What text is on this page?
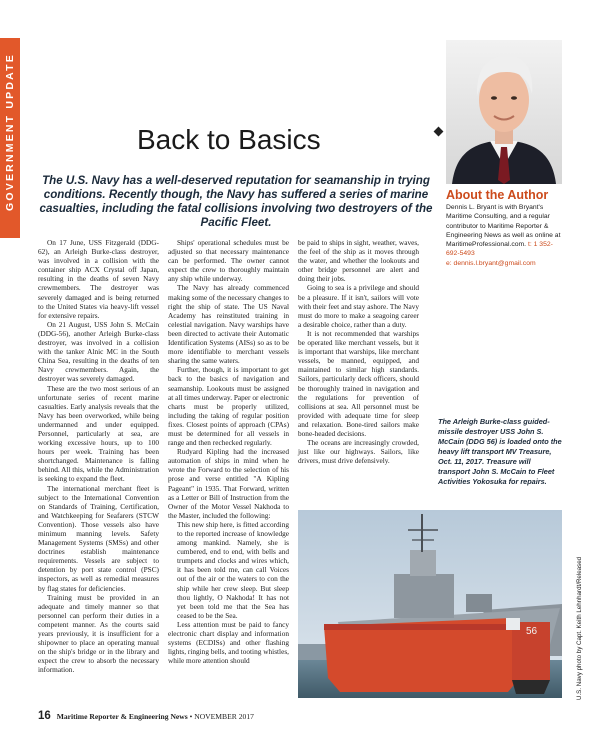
GOVERNMENT UPDATE	Back to Basics
The U.S. Navy has a well-deserved reputation for seamanship in trying conditions. Recently though, the Navy has suffered a series of marine casualties, including the fatal collisions involving two destroyers of the Pacific Fleet.
About the Author
Dennis L. Bryant is with Bryant's Maritime Consulting, and a regular contributor to Maritime Reporter & Engineering News as well as online at MaritimeProfessional.com. t: 1 352-692-5493
e: dennis.l.bryant@gmail.com

On 17 June, USS Fitzgerald (DDG-62), an Arleigh Burke-class destroyer, was involved in a collision with the container ship ACX Crystal off Japan, resulting in the deaths of seven Navy crewmembers. The destroyer was severely damaged and is being returned to the United States via heavy-lift vessel for extensive repairs.

On 21 August, USS John S. McCain (DDG-56), another Arleigh Burke-class destroyer, was involved in a collision with the tanker Alnic MC in the South China Sea, resulting in the deaths of ten Navy crewmembers. Again, the destroyer was severely damaged.

These are the two most serious of an unfortunate series of recent marine casualties. Early analysis reveals that the Navy has been overworked, while being undermanned and under equipped. Personnel, particularly at sea, are working excessive hours, up to 100 hours per week. Training has been shortchanged. Maintenance is falling behind. All this, while the Administration is seeking to expand the fleet.

The international merchant fleet is subject to the International Convention on Standards of Training, Certification, and Watchkeeping for Seafarers (STCW Convention). Those vessels also have minimum manning levels. Safety Management Systems (SMSs) and other doctrines establish maintenance requirements. Vessels are subject to detention by port state control (PSC) inspectors, as well as remedial measures by flag states for deficiencies.

Training must be provided in an adequate and timely manner so that personnel can perform their duties in a competent manner. As the courts said years previously, it is insufficient for a shipowner to place an operating manual on the ship's bridge or in the library and expect the crew to absorb the necessary information.

Ships' operational schedules must be adjusted so that necessary maintenance can be performed. The owner cannot expect the crew to thoroughly maintain any ship while underway.

The Navy has already commenced making some of the necessary changes to right the ship of state. The US Naval Academy has reinstituted training in celestial navigation. Navy warships have been directed to activate their Automatic Identification Systems (AISs) so as to be more identifiable to merchant vessels sharing the same waters.

Further, though, it is important to get back to the basics of navigation and seamanship. Lookouts must be assigned at all times underway. Paper or electronic charts must be properly utilized, including the taking of regular position fixes. Closest points of approach (CPAs) must be determined for all vessels in range and then rechecked regularly.

Rudyard Kipling had the increased automation of ships in mind when he wrote the Forward to the selection of his prose and verse entitled "A Kipling Pageant" in 1935. That Forward, written as a Letter or Bill of Instruction from the Owner of the Motor Vessel Nakhoda to the Master, included the following:

This new ship here, is fitted according to the reported increase of knowledge among mankind. Namely, she is cumbered, end to end, with bells and trumpets and clocks and wires which, it has been told me, can call Voices out of the air or the waters to con the ship while her crew sleep. But sleep thou lightly, O Nakhoda! It has not yet been told me that the Sea has ceased to be the Sea.

Less attention must be paid to fancy electronic chart display and information systems (ECDISs) and other flashing lights, ringing bells, and tooting whistles, while more attention should

be paid to ships in sight, weather, waves, the feel of the ship as it moves through the water, and whether the lookouts and other bridge personnel are alert and doing their jobs.

Going to sea is a privilege and should be a pleasure. If it isn't, sailors will vote with their feet and stay ashore. The Navy must do more to make a seagoing career a desirable choice, rather than a duty.

It is not recommended that warships be operated like merchant vessels, but it is important that warships, like merchant vessels, be manned, equipped, and maintained to similar high standards. Sailors, particularly deck officers, should be thoroughly trained in navigation and the regulations for prevention of collisions at sea. All personnel must be provided with adequate time for sleep and relaxation. Bone-tired sailors make bone-headed decisions.

The oceans are increasingly crowded, just like our highways. Sailors, like drivers, must drive defensively.

The Arleigh Burke-class guided-missile destroyer USS John S. McCain (DDG 56) is loaded onto the heavy lift transport MV Treasure, Oct. 11, 2017. Treasure will transport John S. McCain to Fleet Activities Yokosuka for repairs.
56	U.S. Navy photo by Capt. Keith Lehnhardt/Released
16 Maritime Reporter & Engineering News • NOVEMBER 2017
